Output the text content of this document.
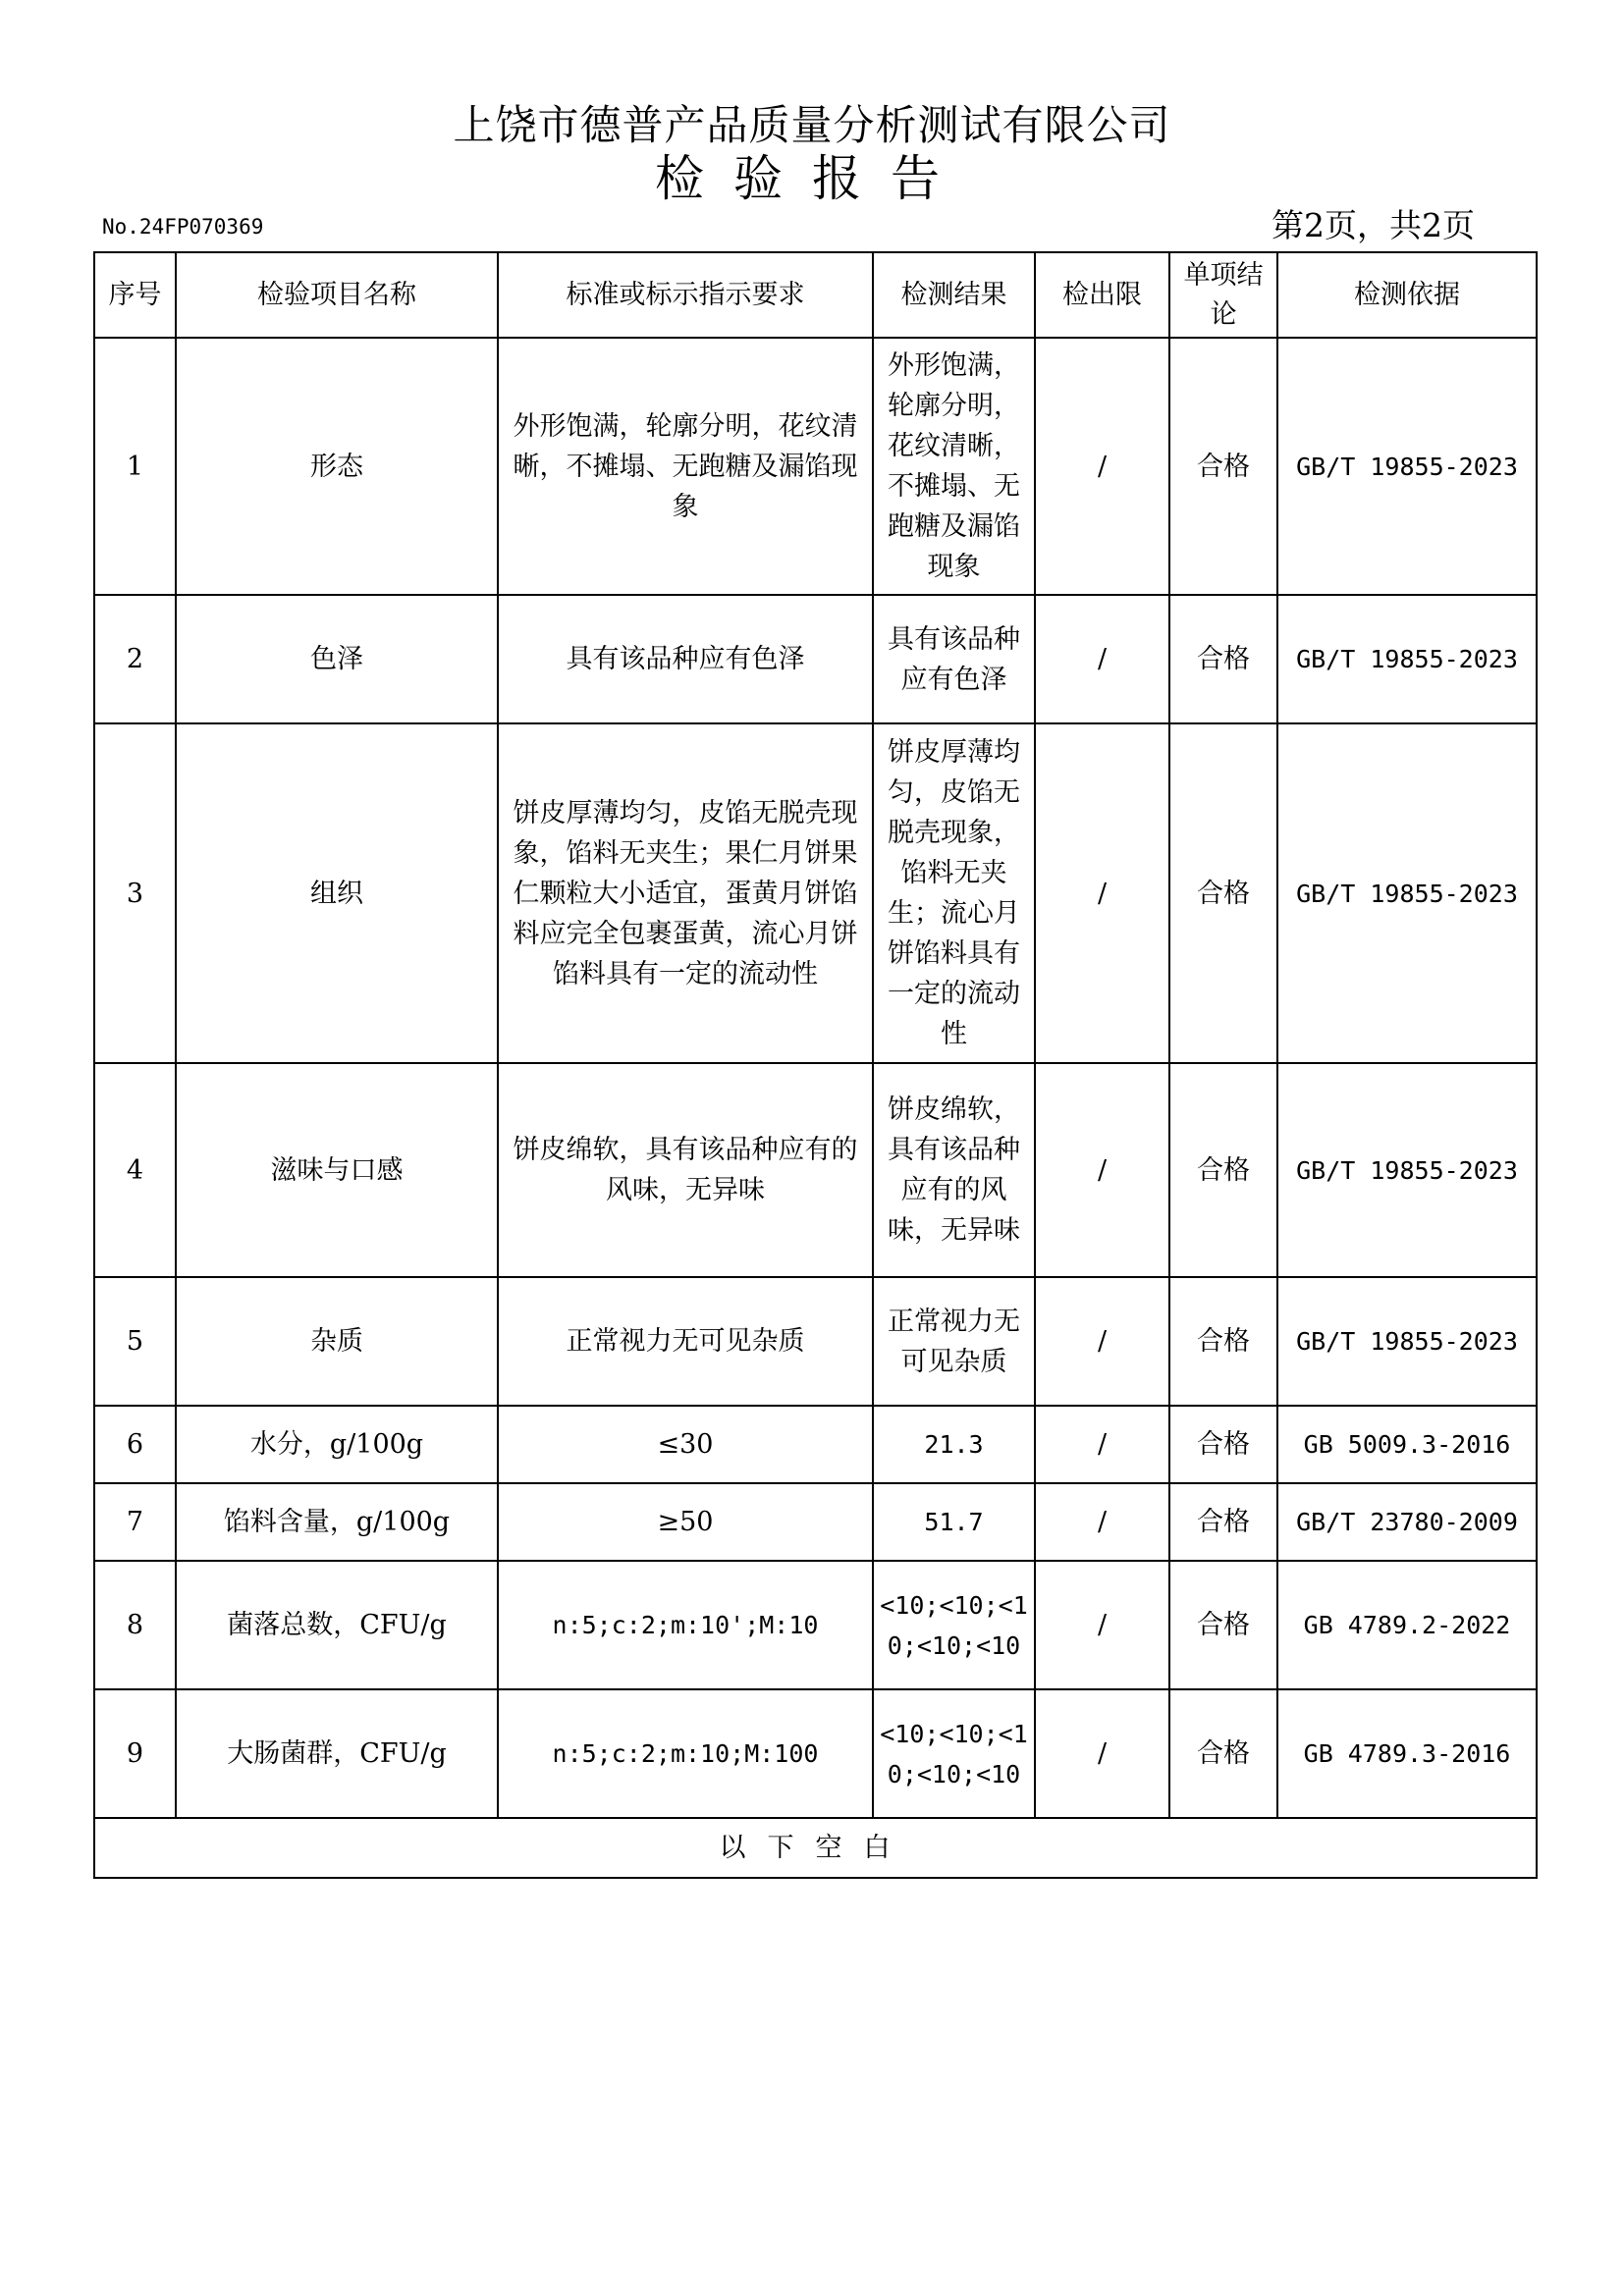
上饶市德普产品质量分析测试有限公司
检验报告
No.24FP070369	第2页，共2页
序号	检验项目名称	标准或标示指示要求	检测结果	检出限	单项结论	检测依据
1	形态	外形饱满，轮廓分明，花纹清晰，不摊塌、无跑糖及漏馅现象	外形饱满，轮廓分明，花纹清晰，不摊塌、无跑糖及漏馅现象	/	合格	GB/T 19855-2023
2	色泽	具有该品种应有色泽	具有该品种应有色泽	/	合格	GB/T 19855-2023
3	组织	饼皮厚薄均匀，皮馅无脱壳现象，馅料无夹生；果仁月饼果仁颗粒大小适宜，蛋黄月饼馅料应完全包裹蛋黄，流心月饼馅料具有一定的流动性	饼皮厚薄均匀，皮馅无脱壳现象，馅料无夹生；流心月饼馅料具有一定的流动性	/	合格	GB/T 19855-2023
4	滋味与口感	饼皮绵软，具有该品种应有的风味，无异味	饼皮绵软，具有该品种应有的风味，无异味	/	合格	GB/T 19855-2023
5	杂质	正常视力无可见杂质	正常视力无可见杂质	/	合格	GB/T 19855-2023
6	水分，g/100g	≤30	21.3	/	合格	GB 5009.3-2016
7	馅料含量，g/100g	≥50	51.7	/	合格	GB/T 23780-2009
8	菌落总数，CFU/g	n:5;c:2;m:10';M:10	<10;<10;<10;<10;<10	/	合格	GB 4789.2-2022
9	大肠菌群，CFU/g	n:5;c:2;m:10;M:100	<10;<10;<10;<10;<10	/	合格	GB 4789.3-2016
以下空白						
